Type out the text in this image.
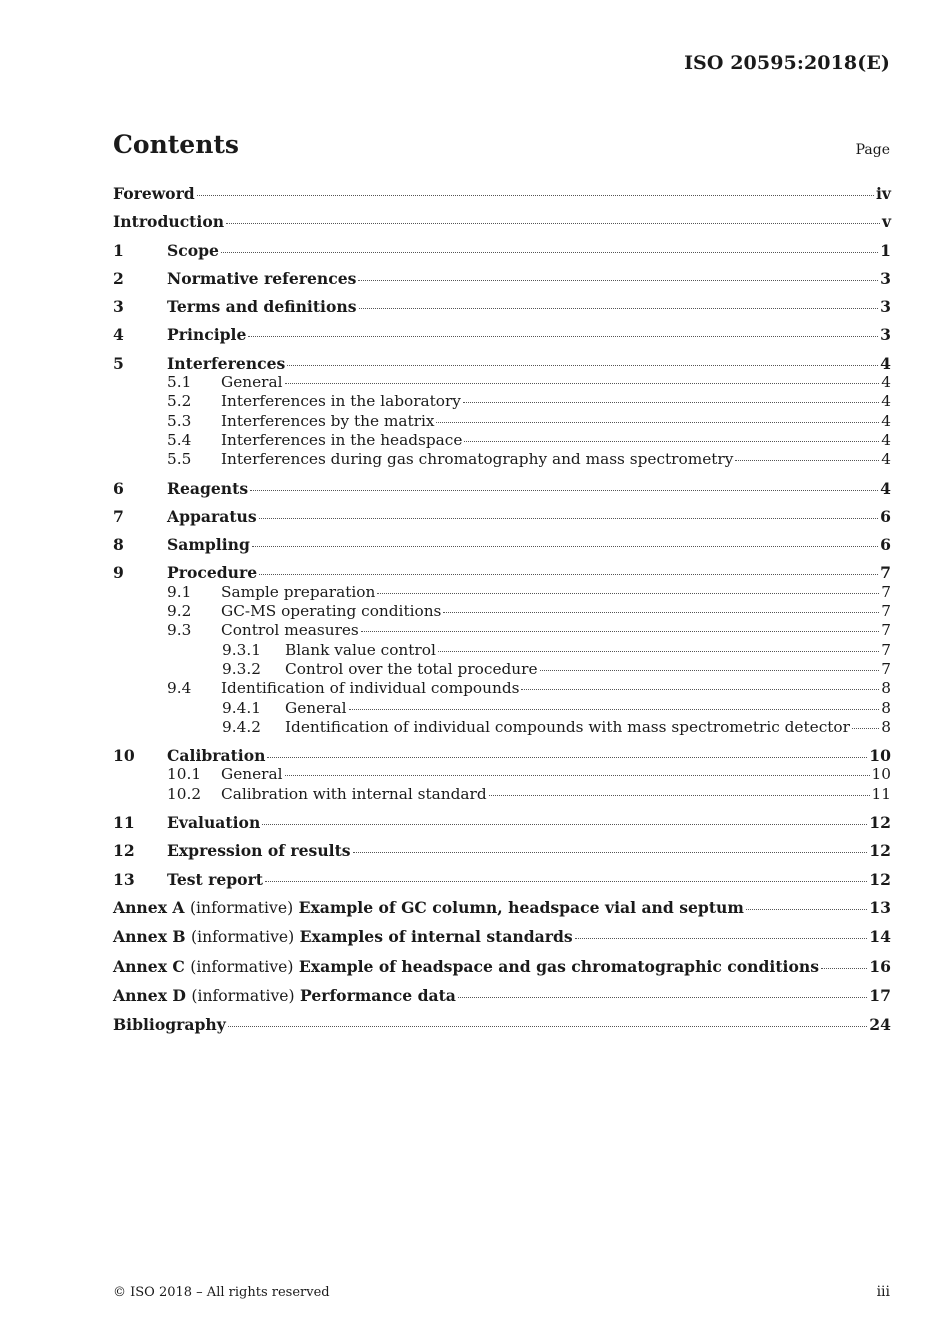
ISO 20595:2018(E)
Contents	Page
Foreword	iv
Introduction	v
1	Scope	1
2	Normative references	3
3	Terms and definitions	3
4	Principle	3
5	Interferences	4
5.1	General	4
5.2	Interferences in the laboratory	4
5.3	Interferences by the matrix	4
5.4	Interferences in the headspace	4
5.5	Interferences during gas chromatography and mass spectrometry	4
6	Reagents	4
7	Apparatus	6
8	Sampling	6
9	Procedure	7
9.1	Sample preparation	7
9.2	GC-MS operating conditions	7
9.3	Control measures	7
9.3.1	Blank value control	7
9.3.2	Control over the total procedure	7
9.4	Identification of individual compounds	8
9.4.1	General	8
9.4.2	Identification of individual compounds with mass spectrometric detector 8
10	Calibration	10
10.1	General	10
10.2	Calibration with internal standard	11
11	Evaluation	12
12	Expression of results	12
13	Test report	12
Annex A (informative) Example of GC column, headspace vial and septum	13
Annex B (informative) Examples of internal standards	14
Annex C (informative) Example of headspace and gas chromatographic conditions	16
Annex D (informative) Performance data	17
Bibliography	24
© ISO 2018 – All rights reserved	iii
